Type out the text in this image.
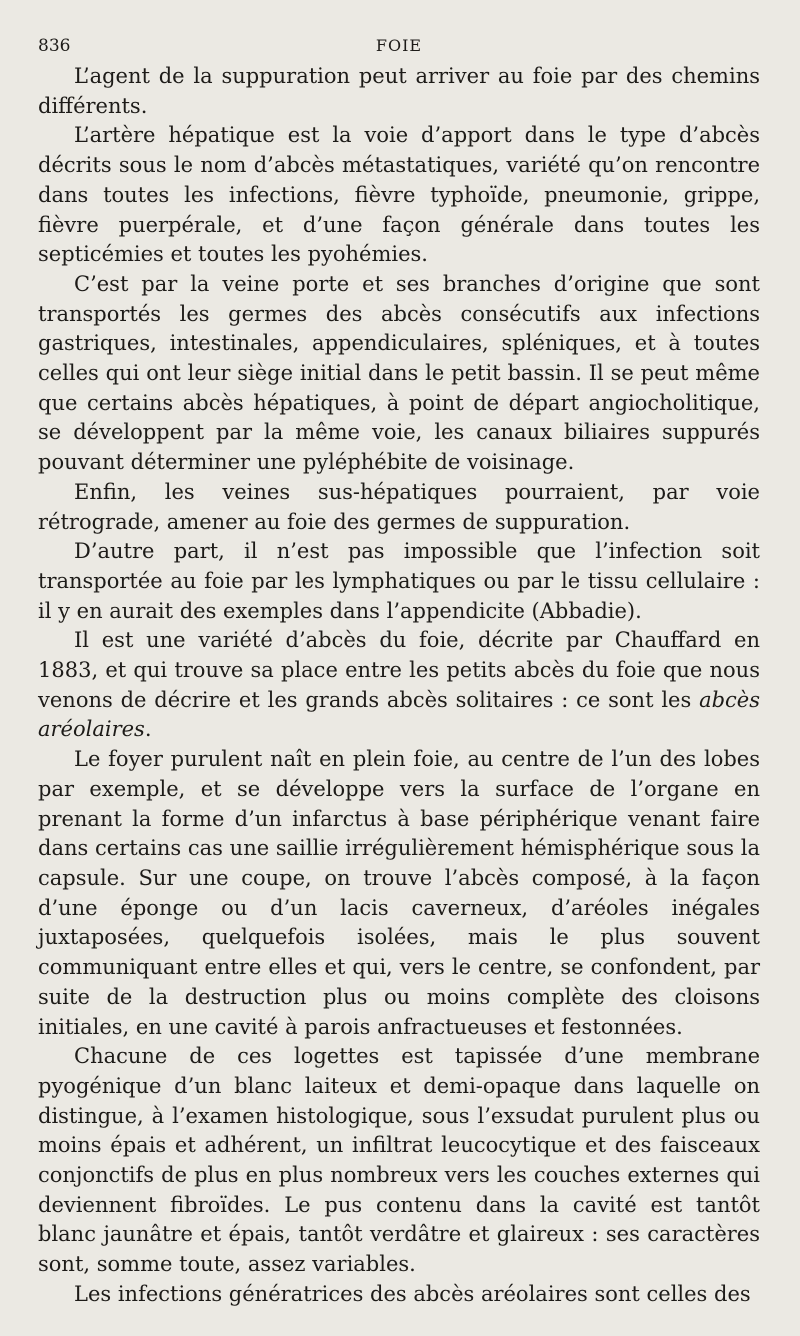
836	FOIE

L’agent de la suppuration peut arriver au foie par des chemins différents.

L’artère hépatique est la voie d’apport dans le type d’abcès décrits sous le nom d’abcès métastatiques, variété qu’on rencontre dans toutes les infections, fièvre typhoïde, pneumonie, grippe, fièvre puerpérale, et d’une façon générale dans toutes les septicémies et toutes les pyohémies.

C’est par la veine porte et ses branches d’origine que sont transportés les germes des abcès consécutifs aux infections gastriques, intestinales, appendiculaires, spléniques, et à toutes celles qui ont leur siège initial dans le petit bassin. Il se peut même que certains abcès hépatiques, à point de départ angiocholitique, se développent par la même voie, les canaux biliaires suppurés pouvant déterminer une pyléphébite de voisinage.

Enfin, les veines sus-hépatiques pourraient, par voie rétrograde, amener au foie des germes de suppuration.

D’autre part, il n’est pas impossible que l’infection soit transportée au foie par les lymphatiques ou par le tissu cellulaire : il y en aurait des exemples dans l’appendicite (Abbadie).

Il est une variété d’abcès du foie, décrite par Chauffard en 1883, et qui trouve sa place entre les petits abcès du foie que nous venons de décrire et les grands abcès solitaires : ce sont les abcès aréolaires.

Le foyer purulent naît en plein foie, au centre de l’un des lobes par exemple, et se développe vers la surface de l’organe en prenant la forme d’un infarctus à base périphérique venant faire dans certains cas une saillie irrégulièrement hémisphérique sous la capsule. Sur une coupe, on trouve l’abcès composé, à la façon d’une éponge ou d’un lacis caverneux, d’aréoles inégales juxtaposées, quelquefois isolées, mais le plus souvent communiquant entre elles et qui, vers le centre, se confondent, par suite de la destruction plus ou moins complète des cloisons initiales, en une cavité à parois anfractueuses et festonnées.

Chacune de ces logettes est tapissée d’une membrane pyogénique d’un blanc laiteux et demi-opaque dans laquelle on distingue, à l’examen histologique, sous l’exsudat purulent plus ou moins épais et adhérent, un infiltrat leucocytique et des faisceaux conjonctifs de plus en plus nombreux vers les couches externes qui deviennent fibroïdes. Le pus contenu dans la cavité est tantôt blanc jaunâtre et épais, tantôt verdâtre et glaireux : ses caractères sont, somme toute, assez variables.

Les infections génératrices des abcès aréolaires sont celles des
